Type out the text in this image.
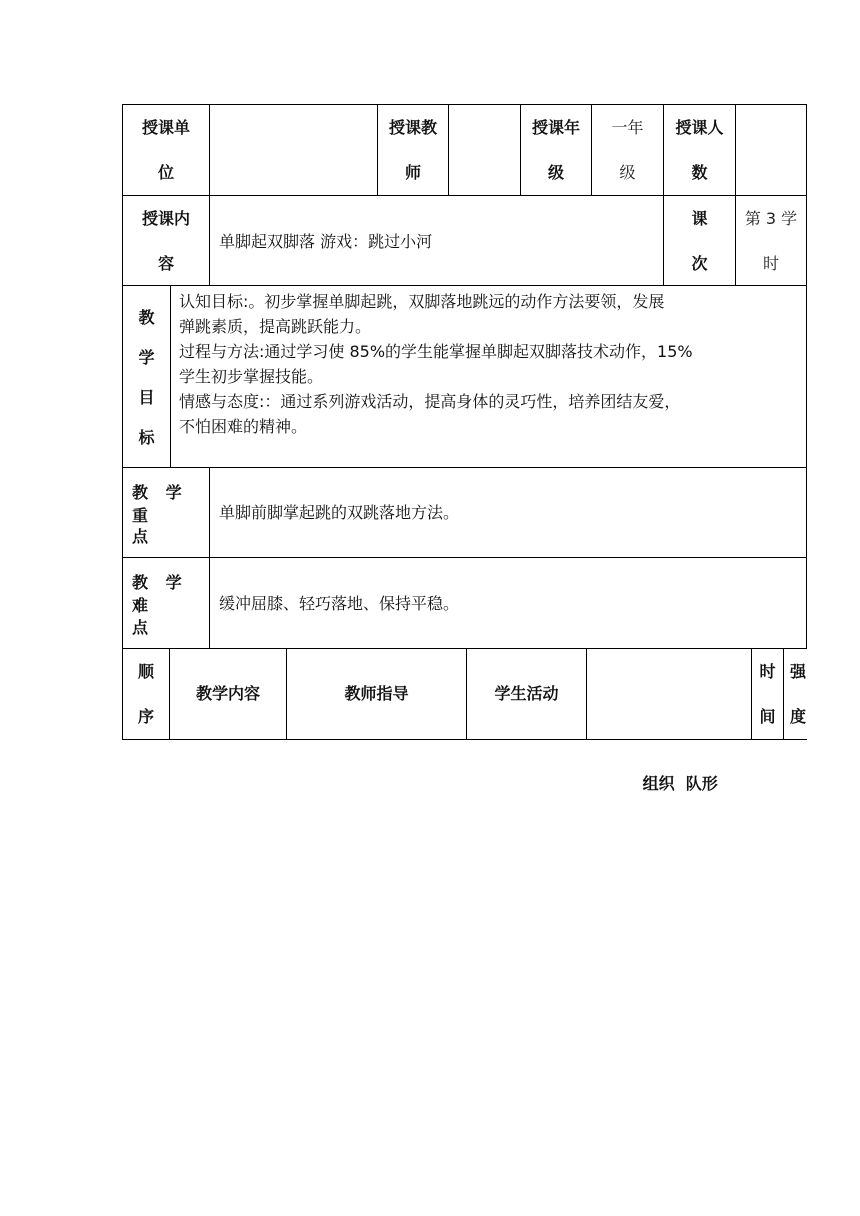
授课单
位
授课教
师
授课年
级
一年
级
授课人
数
授课内
容
单脚起双脚落 游戏：跳过小河
课
次
第 3 学
时
教
学
目
标
认知目标:。初步掌握单脚起跳，双脚落地跳远的动作方法要领，发展
弹跳素质，提高跳跃能力。
过程与方法:通过学习使 85%的学生能掌握单脚起双脚落技术动作，15%
学生初步掌握技能。
情感与态度:：通过系列游戏活动，提高身体的灵巧性，培养团结友爱，
不怕困难的精神。
教 学 重
点
单脚前脚掌起跳的双跳落地方法。
教 学 难
点
缓冲屈膝、轻巧落地、保持平稳。
顺
序
教学内容	教师指导	学生活动

组织  队形

时
间
强
度
